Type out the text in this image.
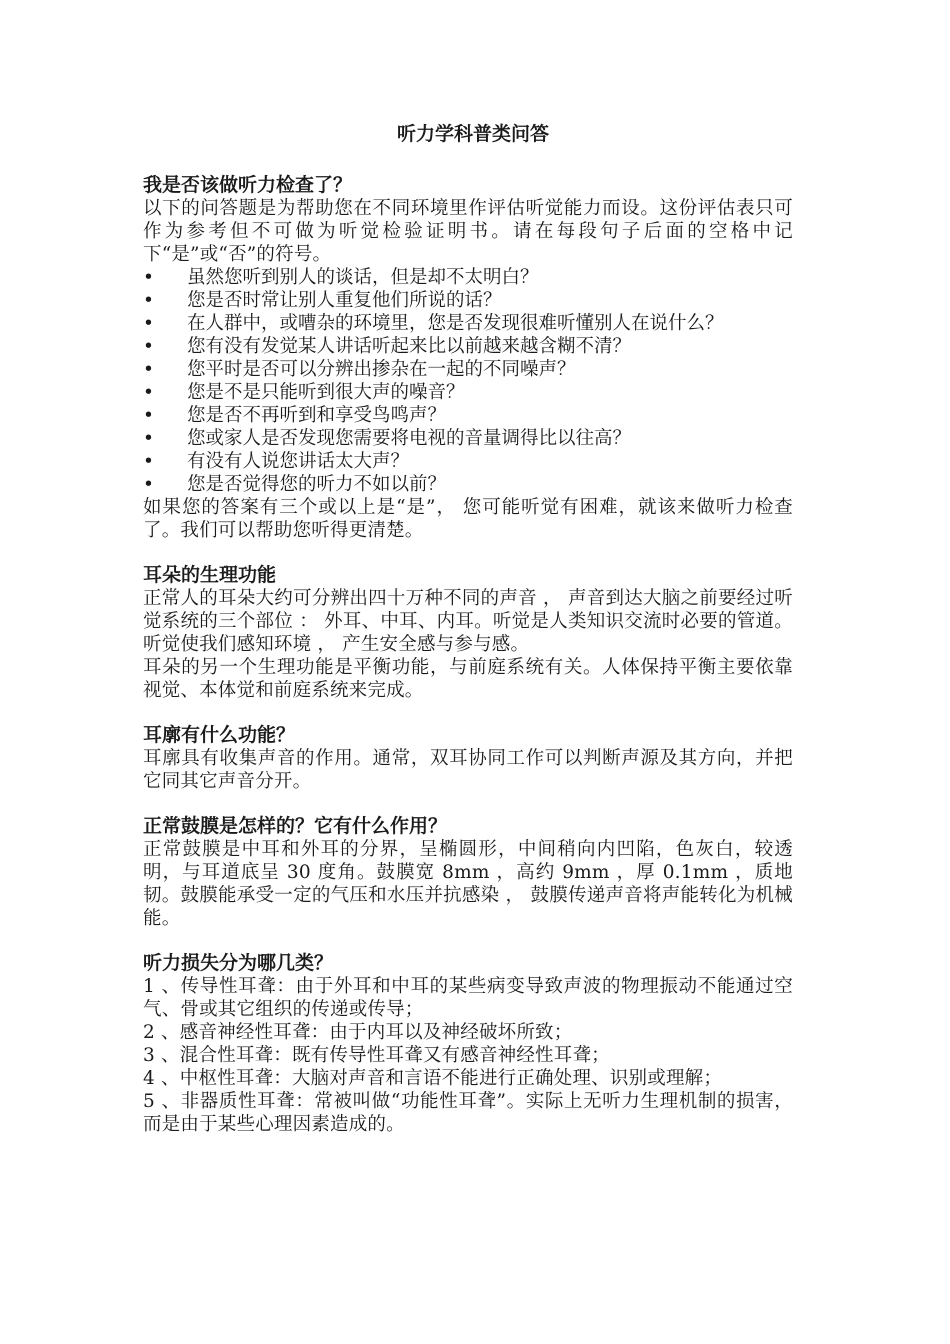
听力学科普类问答
我是否该做听力检查了？

以下的问答题是为帮助您在不同环境里作评估听觉能力而设。这份评估表只可作为参考但不可做为听觉检验证明书。请在每段句子后面的空格中记下“是”或“否”的符号。

• 虽然您听到别人的谈话，但是却不太明白？
• 您是否时常让别人重复他们所说的话？
• 在人群中，或嘈杂的环境里，您是否发现很难听懂别人在说什么？
• 您有没有发觉某人讲话听起来比以前越来越含糊不清？
• 您平时是否可以分辨出掺杂在一起的不同噪声？
• 您是不是只能听到很大声的噪音？
• 您是否不再听到和享受鸟鸣声？
• 您或家人是否发现您需要将电视的音量调得比以往高？
• 有没有人说您讲话太大声？
• 您是否觉得您的听力不如以前？

如果您的答案有三个或以上是“是”， 您可能听觉有困难，就该来做听力检查了。我们可以帮助您听得更清楚。

耳朵的生理功能

正常人的耳朵大约可分辨出四十万种不同的声音 ， 声音到达大脑之前要经过听觉系统的三个部位 ： 外耳、中耳、内耳。听觉是人类知识交流时必要的管道。听觉使我们感知环境 ， 产生安全感与参与感。

耳朵的另一个生理功能是平衡功能，与前庭系统有关。人体保持平衡主要依靠视觉、本体觉和前庭系统来完成。

耳廓有什么功能？

耳廓具有收集声音的作用。通常，双耳协同工作可以判断声源及其方向，并把它同其它声音分开。

正常鼓膜是怎样的？它有什么作用？

正常鼓膜是中耳和外耳的分界，呈椭圆形，中间稍向内凹陷，色灰白，较透明，与耳道底呈 30 度角。鼓膜宽 8mm ，高约 9mm ，厚 0.1mm ，质地韧。鼓膜能承受一定的气压和水压并抗感染 ， 鼓膜传递声音将声能转化为机械能。

听力损失分为哪几类？

1 、传导性耳聋：由于外耳和中耳的某些病变导致声波的物理振动不能通过空气、骨或其它组织的传递或传导；

2 、感音神经性耳聋：由于内耳以及神经破坏所致；

3 、混合性耳聋：既有传导性耳聋又有感音神经性耳聋；

4 、中枢性耳聋：大脑对声音和言语不能进行正确处理、识别或理解；

5 、非器质性耳聋：常被叫做“功能性耳聋”。实际上无听力生理机制的损害，而是由于某些心理因素造成的。
